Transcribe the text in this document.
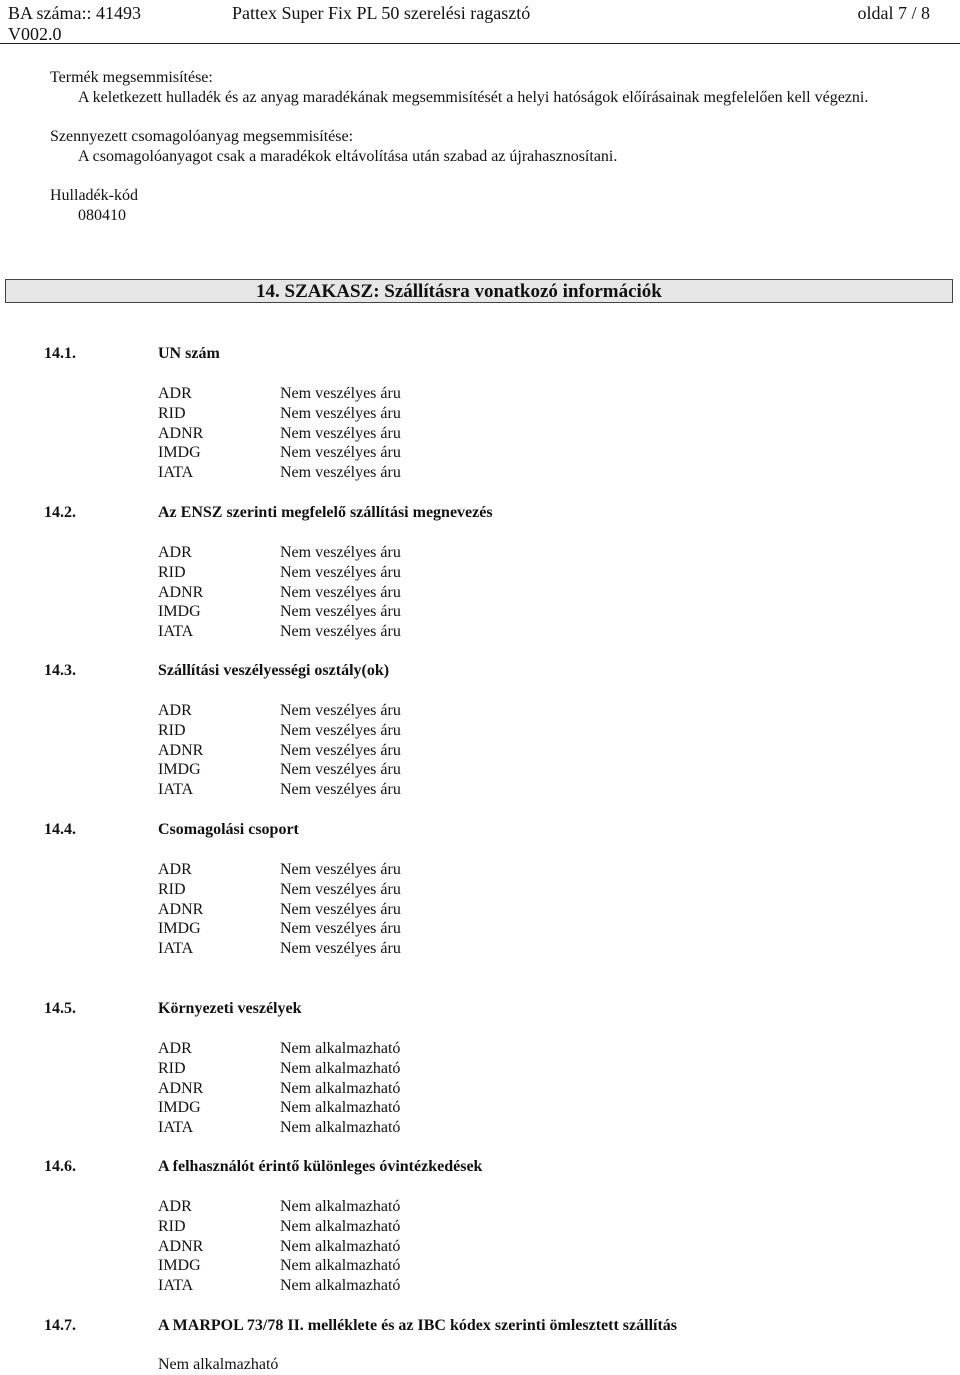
BA száma:: 41493	Pattex Super Fix PL 50 szerelési ragasztó	oldal 7 / 8
V002.0
Termék megsemmisítése:
A keletkezett hulladék és az anyag maradékának megsemmisítését a helyi hatóságok előírásainak megfelelően kell végezni.
Szennyezett csomagolóanyag megsemmisítése:
A csomagolóanyagot csak a maradékok eltávolítása után szabad az újrahasznosítani.
Hulladék-kód
080410
14. SZAKASZ: Szállításra vonatkozó információk
14.1.	UN szám
ADR	Nem veszélyes áru
RID	Nem veszélyes áru
ADNR	Nem veszélyes áru
IMDG	Nem veszélyes áru
IATA	Nem veszélyes áru
14.2.	Az ENSZ szerinti megfelelő szállítási megnevezés
ADR	Nem veszélyes áru
RID	Nem veszélyes áru
ADNR	Nem veszélyes áru
IMDG	Nem veszélyes áru
IATA	Nem veszélyes áru
14.3.	Szállítási veszélyességi osztály(ok)
ADR	Nem veszélyes áru
RID	Nem veszélyes áru
ADNR	Nem veszélyes áru
IMDG	Nem veszélyes áru
IATA	Nem veszélyes áru
14.4.	Csomagolási csoport
ADR	Nem veszélyes áru
RID	Nem veszélyes áru
ADNR	Nem veszélyes áru
IMDG	Nem veszélyes áru
IATA	Nem veszélyes áru
14.5.	Környezeti veszélyek
ADR	Nem alkalmazható
RID	Nem alkalmazható
ADNR	Nem alkalmazható
IMDG	Nem alkalmazható
IATA	Nem alkalmazható
14.6.	A felhasználót érintő különleges óvintézkedések
ADR	Nem alkalmazható
RID	Nem alkalmazható
ADNR	Nem alkalmazható
IMDG	Nem alkalmazható
IATA	Nem alkalmazható
14.7.	A MARPOL 73/78 II. melléklete és az IBC kódex szerinti ömlesztett szállítás
Nem alkalmazható
